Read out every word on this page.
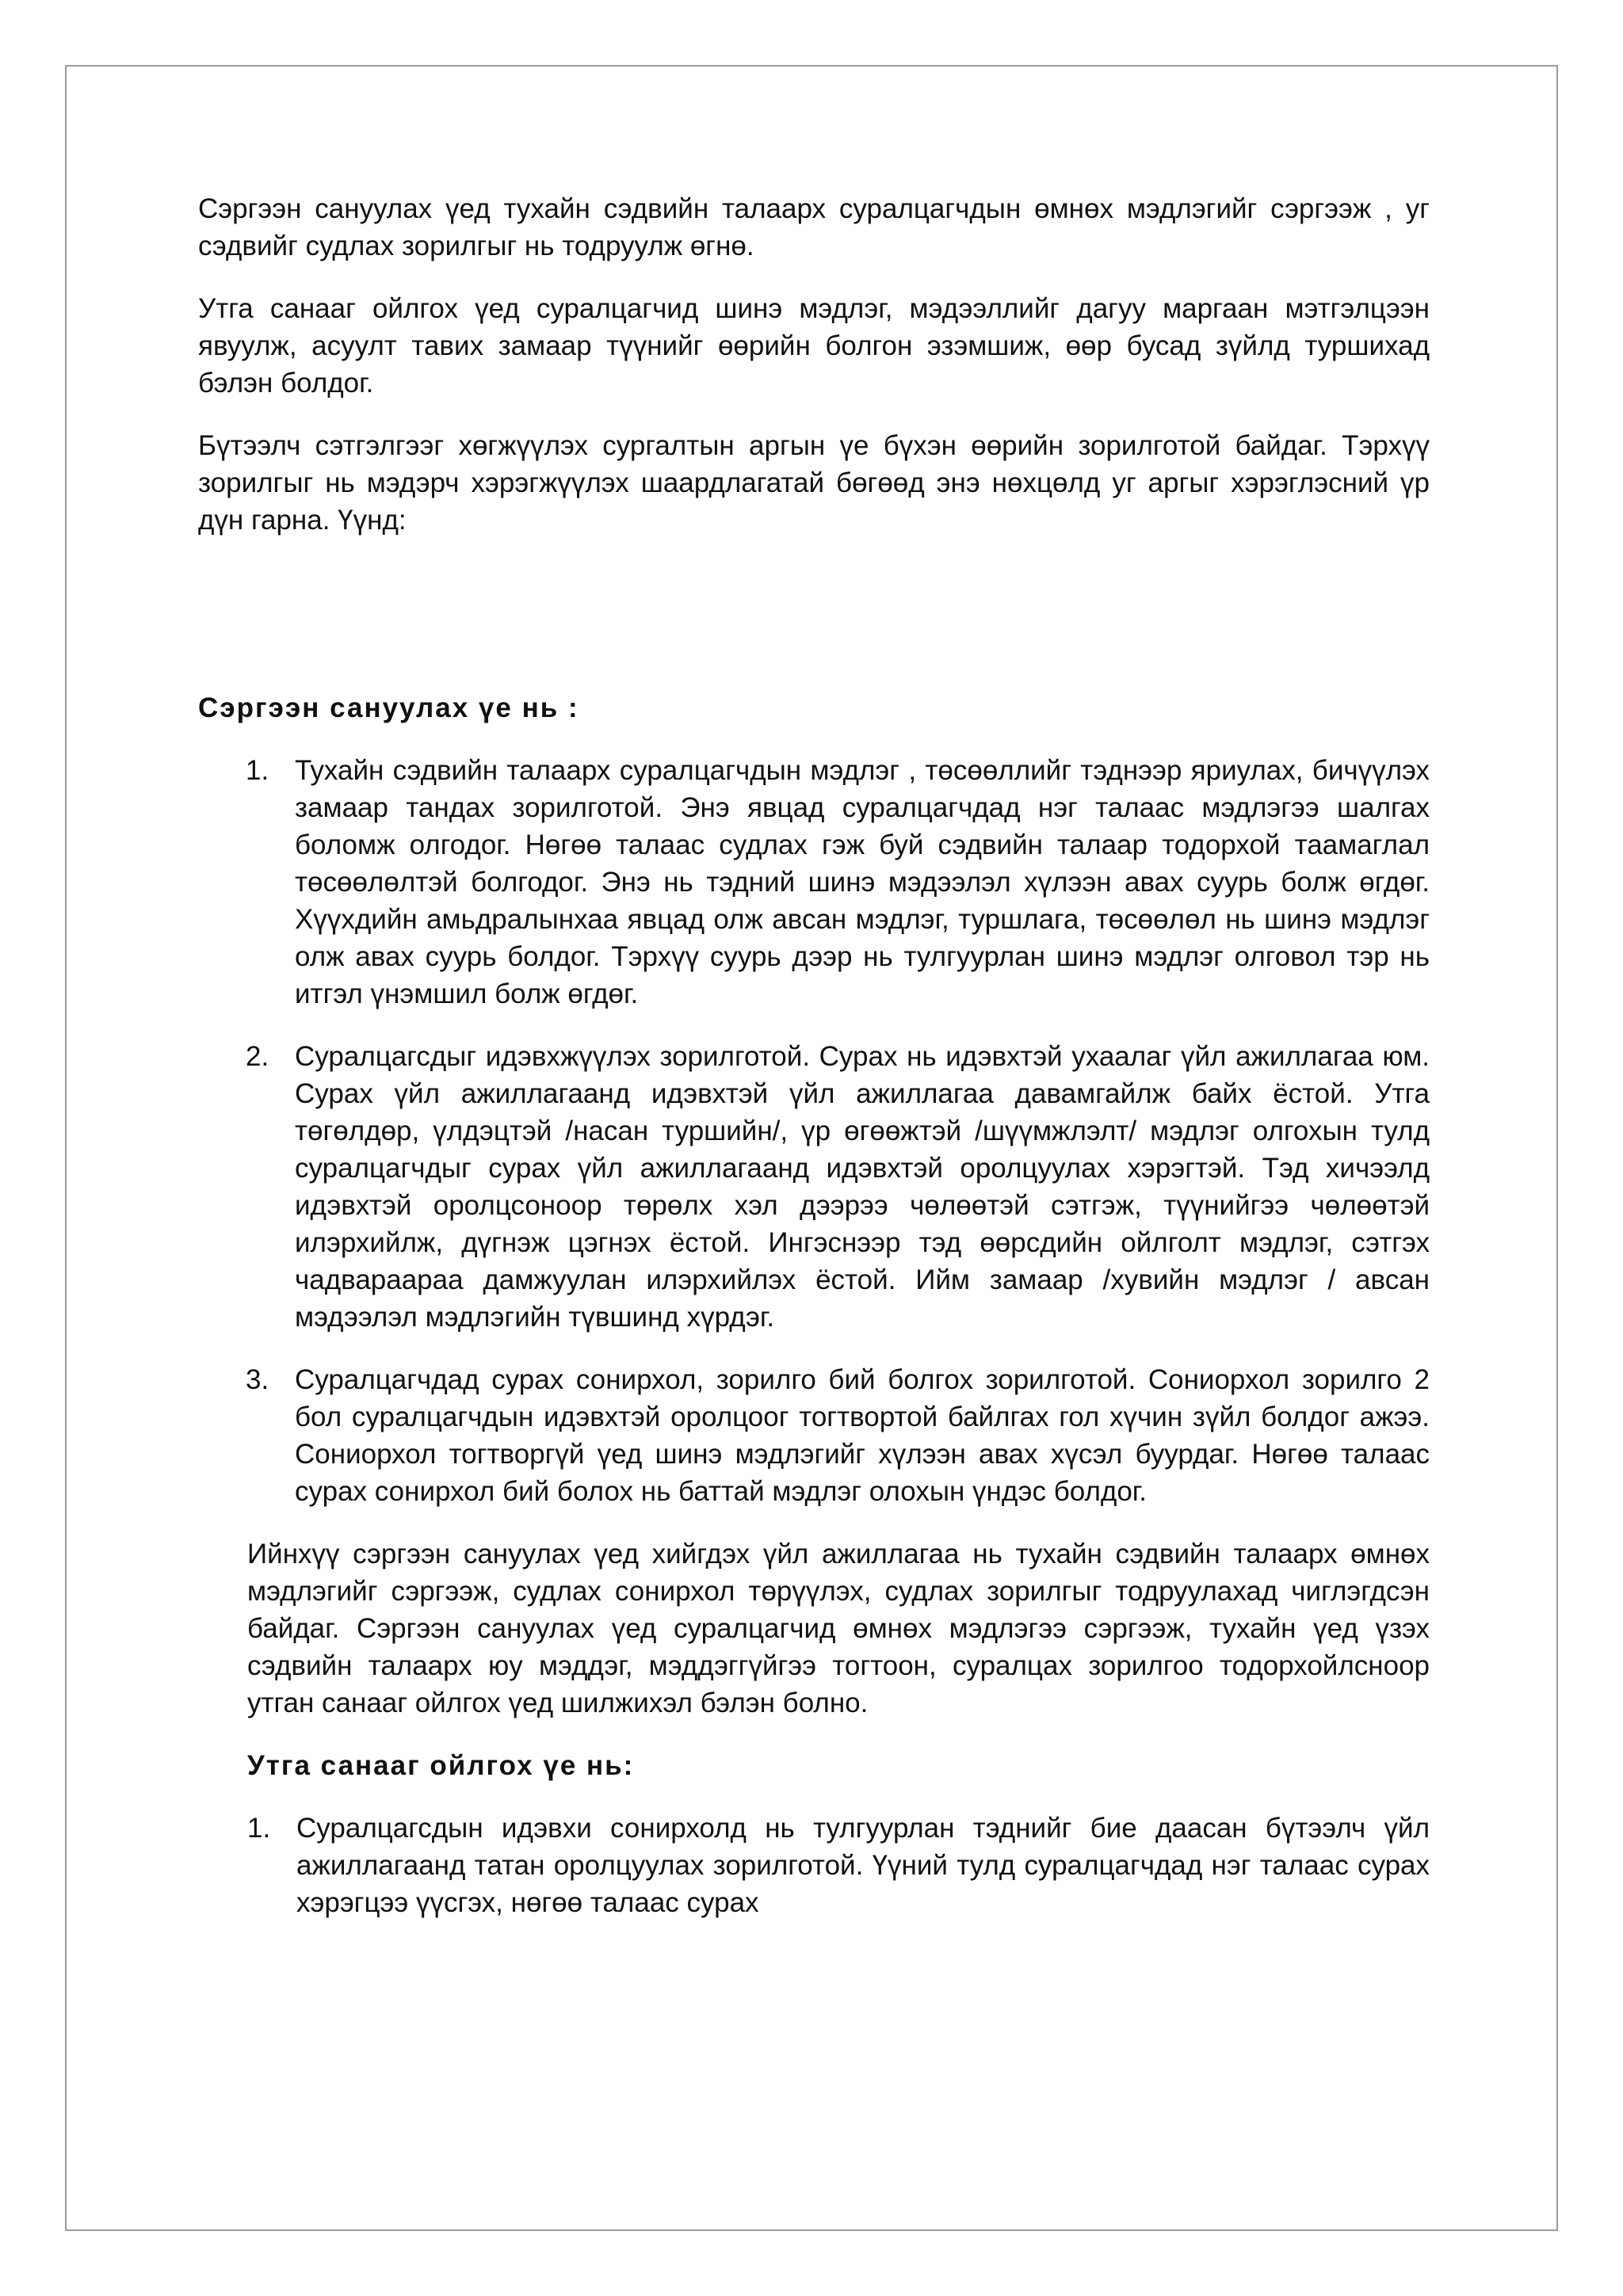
Сэргээн сануулах үед тухайн сэдвийн талаарх суралцагчдын өмнөх мэдлэгийг сэргээж , уг сэдвийг судлах зорилгыг нь тодруулж өгнө.

Утга санааг ойлгох үед суралцагчид шинэ мэдлэг, мэдээллийг дагуу маргаан мэтгэлцээн явуулж, асуулт тавих замаар түүнийг өөрийн болгон эзэмшиж, өөр бусад зүйлд туршихад бэлэн болдог.

Бүтээлч сэтгэлгээг хөгжүүлэх сургалтын аргын үе бүхэн өөрийн зорилготой байдаг. Тэрхүү зорилгыг нь мэдэрч хэрэгжүүлэх шаардлагатай бөгөөд энэ нөхцөлд уг аргыг хэрэглэсний үр дүн гарна. Үүнд:

Сэргээн сануулах үе нь :
1. Тухайн сэдвийн талаарх суралцагчдын мэдлэг , төсөөллийг тэднээр яриулах, бичүүлэх замаар тандах зорилготой. Энэ явцад суралцагчдад нэг талаас мэдлэгээ шалгах боломж олгодог. Нөгөө талаас судлах гэж буй сэдвийн талаар тодорхой таамаглал төсөөлөлтэй болгодог. Энэ нь тэдний шинэ мэдээлэл хүлээн авах суурь болж өгдөг. Хүүхдийн амьдралынхаа явцад олж авсан мэдлэг, туршлага, төсөөлөл нь шинэ мэдлэг олж авах суурь болдог. Тэрхүү суурь дээр нь тулгуурлан шинэ мэдлэг олговол тэр нь итгэл үнэмшил болж өгдөг.
2. Суралцагсдыг идэвхжүүлэх зорилготой. Сурах нь идэвхтэй ухаалаг үйл ажиллагаа юм. Сурах үйл ажиллагаанд идэвхтэй үйл ажиллагаа давамгайлж байх ёстой. Утга төгөлдөр, үлдэцтэй /насан туршийн/, үр өгөөжтэй /шүүмжлэлт/ мэдлэг олгохын тулд суралцагчдыг сурах үйл ажиллагаанд идэвхтэй оролцуулах хэрэгтэй. Тэд хичээлд идэвхтэй оролцсоноор төрөлх хэл дээрээ чөлөөтэй сэтгэж, түүнийгээ чөлөөтэй илэрхийлж, дүгнэж цэгнэх ёстой. Ингэснээр тэд өөрсдийн ойлголт мэдлэг, сэтгэх чадвараараа дамжуулан илэрхийлэх ёстой. Ийм замаар /хувийн мэдлэг / авсан мэдээлэл мэдлэгийн түвшинд хүрдэг.
3. Суралцагчдад сурах сонирхол, зорилго бий болгох зорилготой. Сониорхол зорилго 2 бол суралцагчдын идэвхтэй оролцоог тогтвортой байлгах гол хүчин зүйл болдог ажээ. Сониорхол тогтворгүй үед шинэ мэдлэгийг хүлээн авах хүсэл буурдаг. Нөгөө талаас сурах сонирхол бий болох нь баттай мэдлэг олохын үндэс болдог.

Ийнхүү сэргээн сануулах үед хийгдэх үйл ажиллагаа нь тухайн сэдвийн талаарх өмнөх мэдлэгийг сэргээж, судлах сонирхол төрүүлэх, судлах зорилгыг тодруулахад чиглэгдсэн байдаг. Сэргээн сануулах үед суралцагчид өмнөх мэдлэгээ сэргээж, тухайн үед үзэх сэдвийн талаарх юу мэддэг, мэддэггүйгээ тогтоон, суралцах зорилгоо тодорхойлсноор утган санааг ойлгох үед шилжихэл бэлэн болно.

Утга санааг ойлгох үе нь:
1. Суралцагсдын идэвхи сонирхолд нь тулгуурлан тэднийг бие даасан бүтээлч үйл ажиллагаанд татан оролцуулах зорилготой. Үүний тулд суралцагчдад нэг талаас сурах хэрэгцээ үүсгэх, нөгөө талаас сурах
